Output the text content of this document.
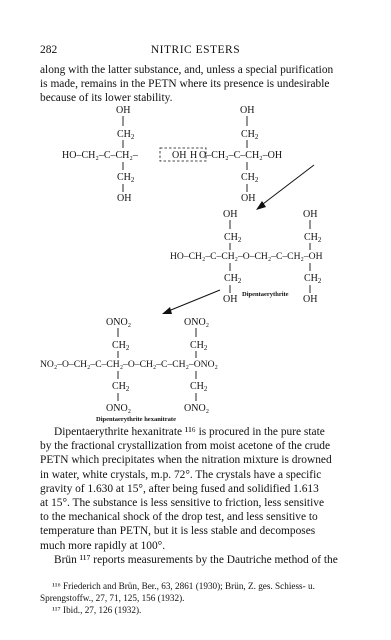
282	NITRIC ESTERS

along with the latter substance, and, unless a special purification

is made, remains in the PETN where its presence is undesirable

because of its lower stability.

OH
$CH_2$
HO–CH₂–C–CH₂–	OH H
$CH_2$
OH
OH
$CH_2$
O–CH₂–C–CH₂–OH
$CH_2$
OH
OH
$CH_2$
OH
$CH_2$
HO–CH₂–C–CH₂–O–CH₂–C–CH₂–OH
$CH_2$
OH
$CH_2$
OH
Dipentaerythrite
ONO₂
$CH_2$
ONO₂
$CH_2$
NO₂–O–CH₂–C–CH₂–O–CH₂–C–CH₂–ONO₂
$CH_2$
ONO₂
$CH_2$
ONO₂
Dipentaerythrite hexanitrate

Dipentaerythrite hexanitrate ¹¹⁶ is procured in the pure state

by the fractional crystallization from moist acetone of the crude

PETN which precipitates when the nitration mixture is drowned

in water, white crystals, m.p. 72°. The crystals have a specific

gravity of 1.630 at 15°, after being fused and solidified 1.613

at 15°. The substance is less sensitive to friction, less sensitive

to the mechanical shock of the drop test, and less sensitive to

temperature than PETN, but it is less stable and decomposes

much more rapidly at 100°.

Brün ¹¹⁷ reports measurements by the Dautriche method of the

¹¹⁶ Friederich and Brün, Ber., 63, 2861 (1930); Brün, Z. ges. Schiess- u.

Sprengstoffw., 27, 71, 125, 156 (1932).

¹¹⁷ Ibid., 27, 126 (1932).
